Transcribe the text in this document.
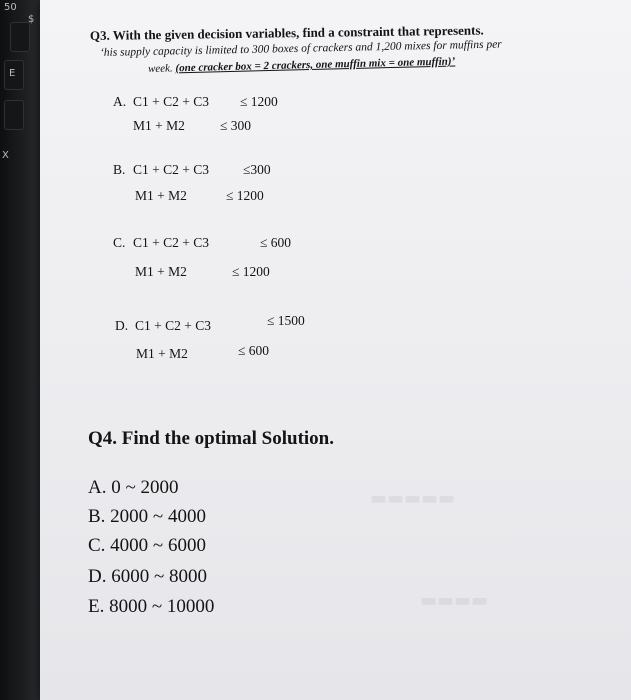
50
$
E
X
▬▬▬▬▬
▬▬▬▬
Q3. With the given decision variables, find a constraint that represents.
‘his supply capacity is limited to 300 boxes of crackers and 1,200 mixes for muffins per
week. (one cracker box = 2 crackers, one muffin mix = one muffin)’
A. C1 + C2 + C3 ≤ 1200
M1 + M2	≤ 300
B. C1 + C2 + C3	≤300
M1 + M2	≤ 1200
C. C1 + C2 + C3	≤ 600
M1 + M2	≤ 1200
D. C1 + C2 + C3	≤ 1500
M1 + M2	≤ 600
Q4. Find the optimal Solution.
A. 0 ~ 2000
B. 2000 ~ 4000
C. 4000 ~ 6000
D. 6000 ~ 8000
E. 8000 ~ 10000
